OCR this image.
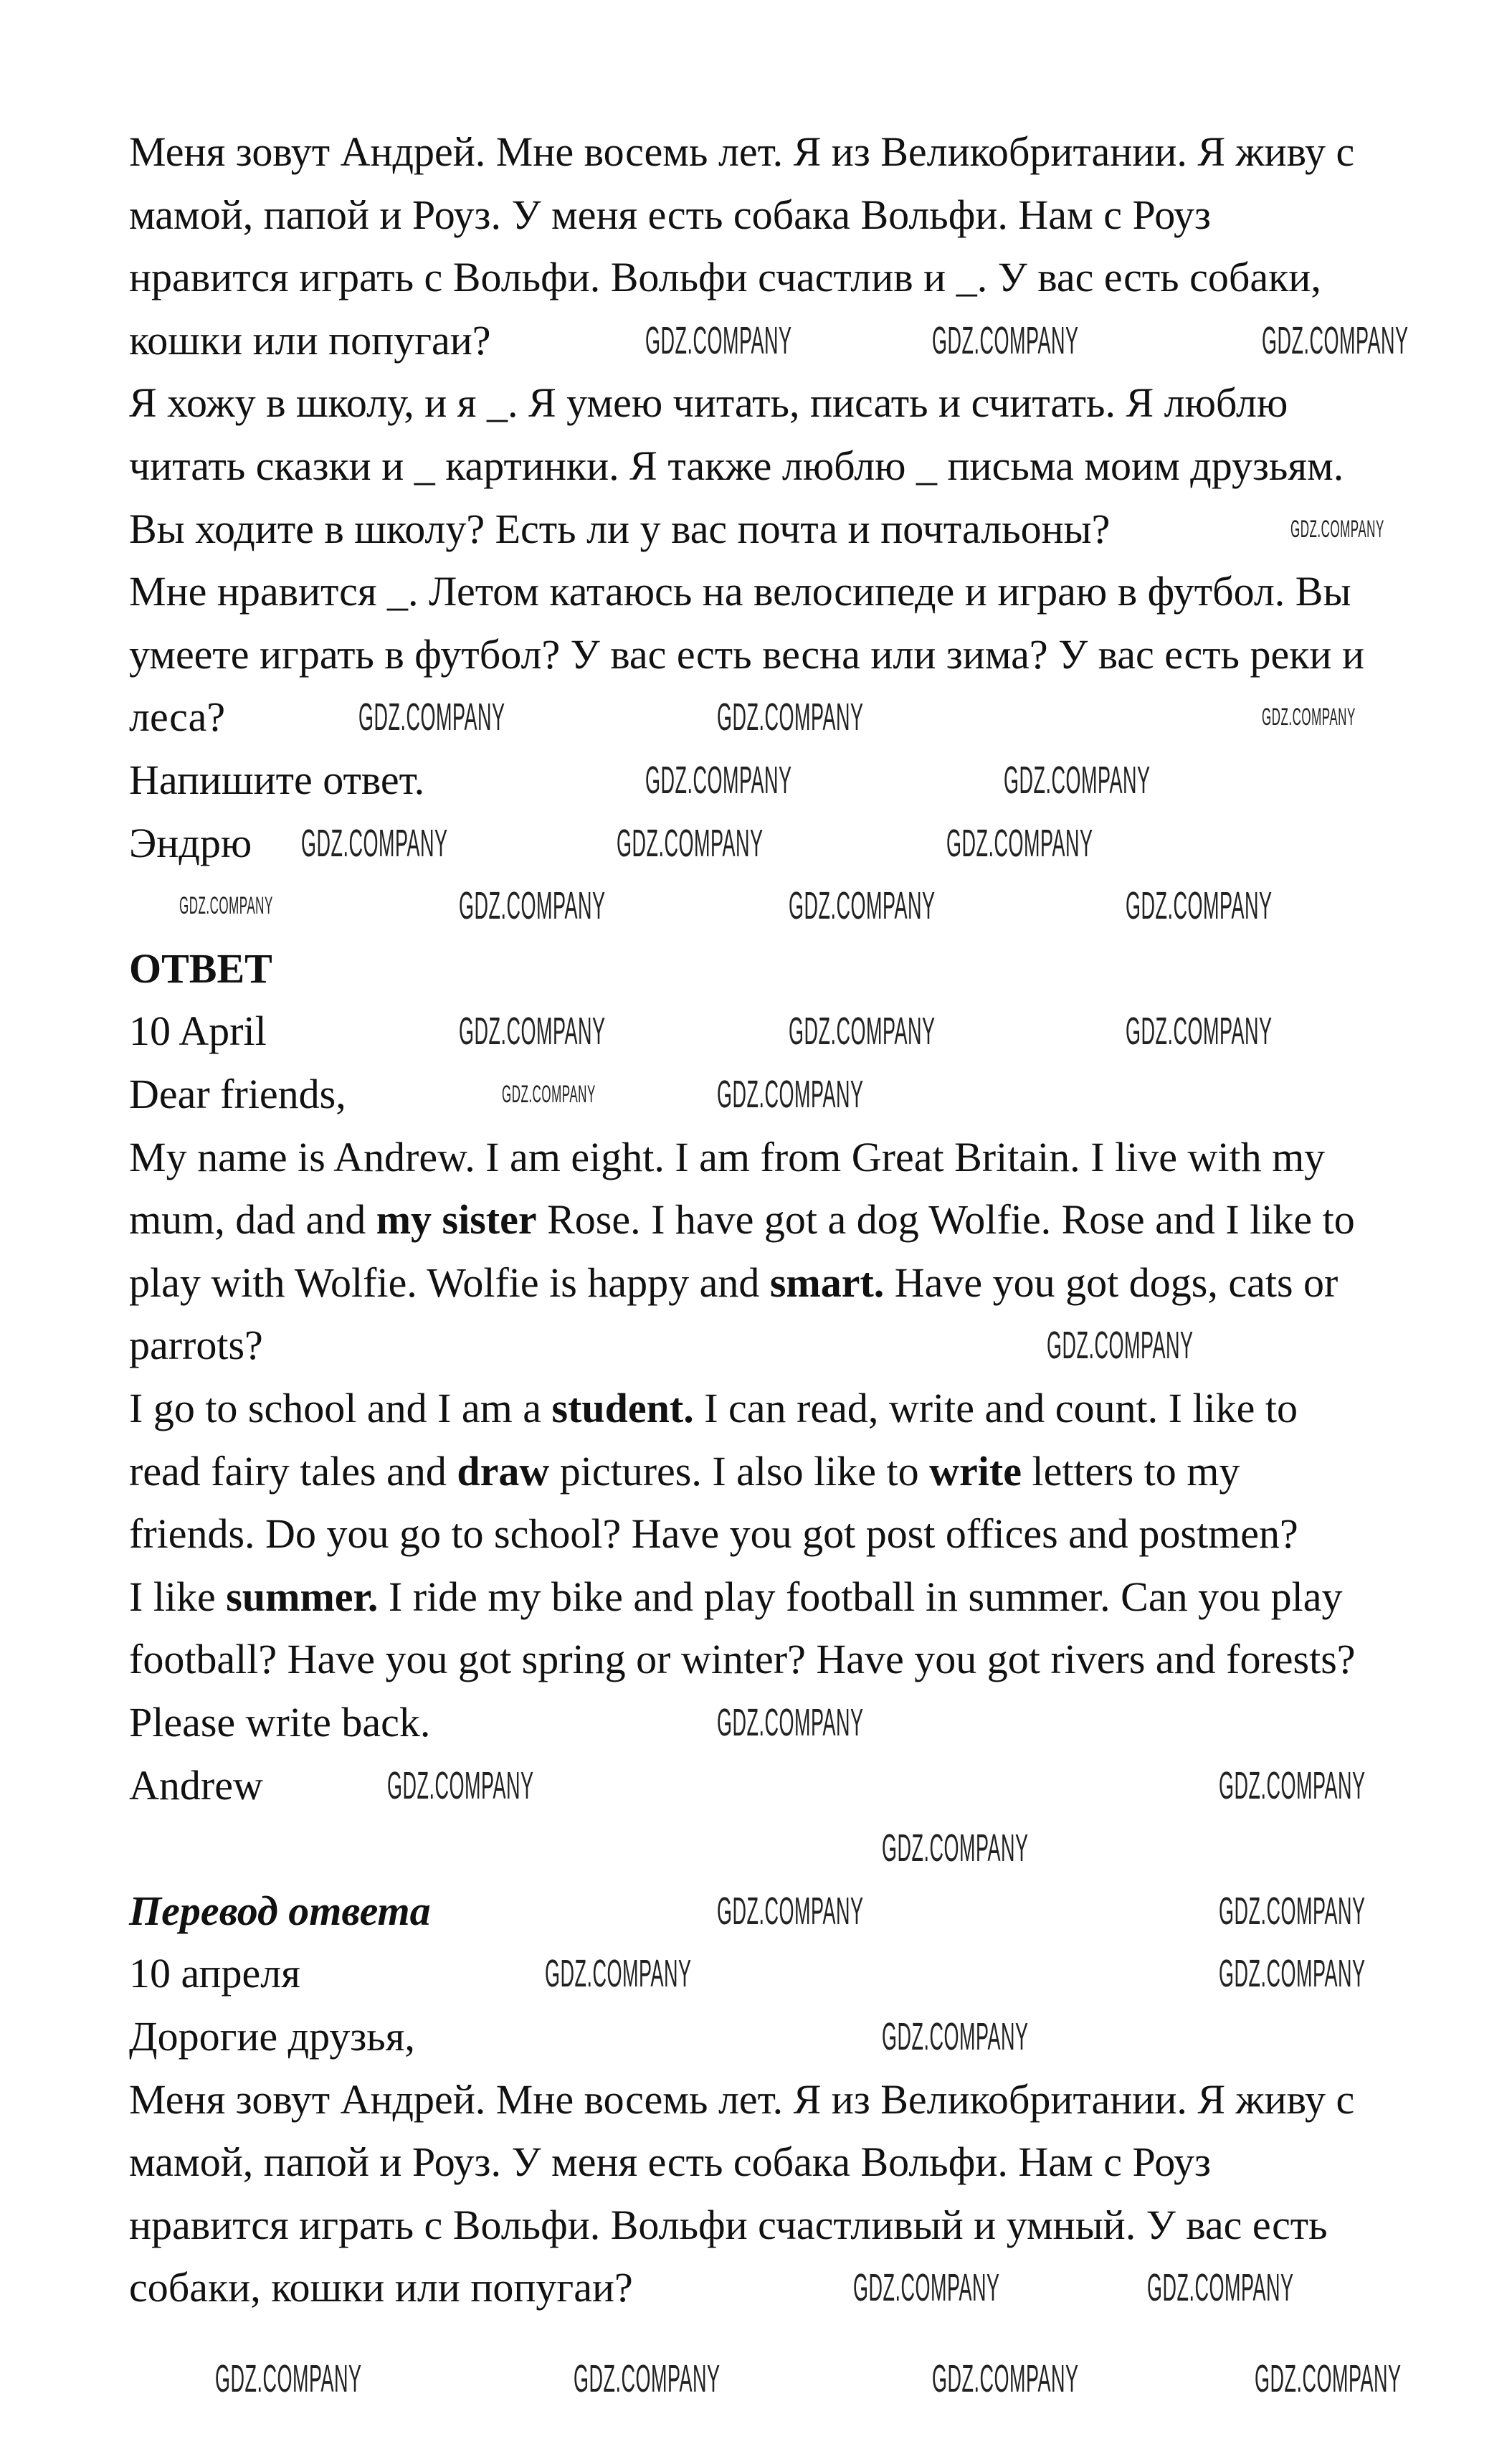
Меня зовут Андрей. Мне восемь лет. Я из Великобритании. Я живу с
мамой, папой и Роуз. У меня есть собака Вольфи. Нам с Роуз
нравится играть с Вольфи. Вольфи счастлив и _. У вас есть собаки,
кошки или попугаи?
Я хожу в школу, и я _. Я умею читать, писать и считать. Я люблю
читать сказки и _ картинки. Я также люблю _ письма моим друзьям.
Вы ходите в школу? Есть ли у вас почта и почтальоны?
Мне нравится _. Летом катаюсь на велосипеде и играю в футбол. Вы
умеете играть в футбол? У вас есть весна или зима? У вас есть реки и
леса?
Напишите ответ.
Эндрю
ОТВЕТ
10 April
Dear friends,
My name is Andrew. I am eight. I am from Great Britain. I live with my
mum, dad and my sister Rose. I have got a dog Wolfie. Rose and I like to
play with Wolfie. Wolfie is happy and smart. Have you got dogs, cats or
parrots?
I go to school and I am a student. I can read, write and count. I like to
read fairy tales and draw pictures. I also like to write letters to my
friends. Do you go to school? Have you got post offices and postmen?
I like summer. I ride my bike and play football in summer. Can you play
football? Have you got spring or winter? Have you got rivers and forests?
Please write back.
Andrew
Перевод ответа
10 апреля
Дорогие друзья,
Меня зовут Андрей. Мне восемь лет. Я из Великобритании. Я живу с
мамой, папой и Роуз. У меня есть собака Вольфи. Нам с Роуз
нравится играть с Вольфи. Вольфи счастливый и умный. У вас есть
собаки, кошки или попугаи?
GDZ.COMPANY	GDZ.COMPANY	GDZ.COMPANY
GDZ.COMPANY
GDZ.COMPANY	GDZ.COMPANY	GDZ.COMPANY
GDZ.COMPANY	GDZ.COMPANY
GDZ.COMPANY	GDZ.COMPANY	GDZ.COMPANY
GDZ.COMPANY	GDZ.COMPANY	GDZ.COMPANY	GDZ.COMPANY
GDZ.COMPANY	GDZ.COMPANY	GDZ.COMPANY
GDZ.COMPANY	GDZ.COMPANY
GDZ.COMPANY
GDZ.COMPANY
GDZ.COMPANY	GDZ.COMPANY
GDZ.COMPANY
GDZ.COMPANY	GDZ.COMPANY
GDZ.COMPANY	GDZ.COMPANY
GDZ.COMPANY
GDZ.COMPANY	GDZ.COMPANY
GDZ.COMPANY	GDZ.COMPANY	GDZ.COMPANY	GDZ.COMPANY
